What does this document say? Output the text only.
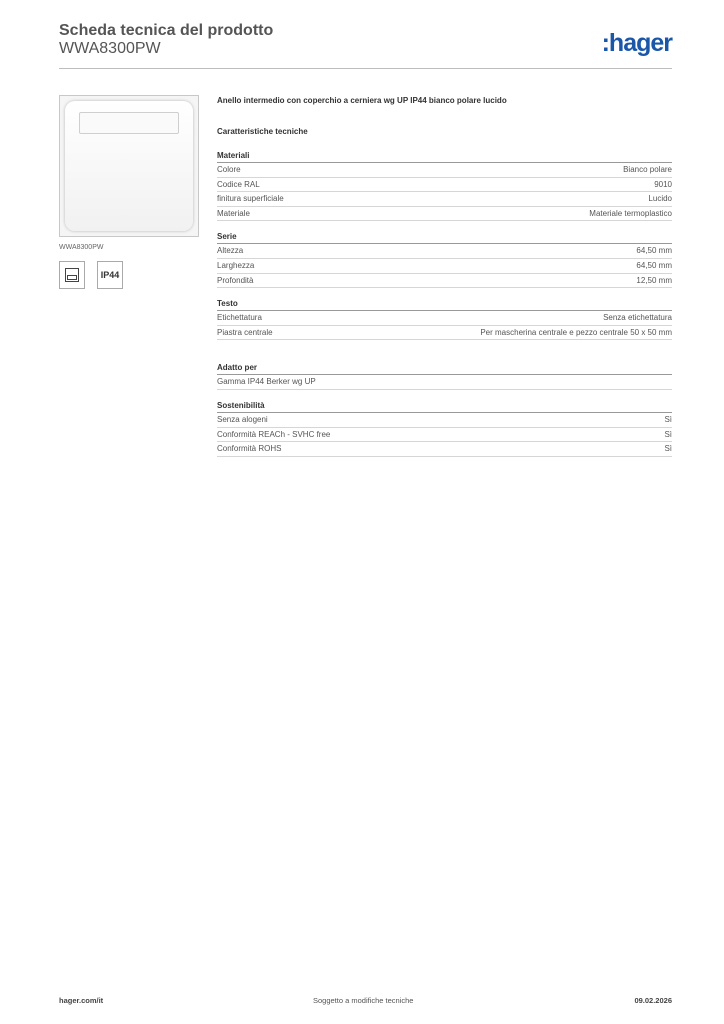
Scheda tecnica del prodotto
WWA8300PW	:hager
WWA8300PW
IP44

Anello intermedio con coperchio a cerniera wg UP IP44 bianco polare lucido

Caratteristiche tecniche

Materiali
Colore	Bianco polare
Codice RAL	9010
finitura superficiale	Lucido
Materiale	Materiale termoplastico
Serie
Altezza	64,50 mm
Larghezza	64,50 mm
Profondità	12,50 mm
Testo
Etichettatura	Senza etichettatura
Piastra centrale	Per mascherina centrale e pezzo centrale 50 x 50 mm
Adatto per
Gamma IP44 Berker wg UP
Sostenibilità
Senza alogeni	Sì
Conformità REACh - SVHC free	Sì
Conformità ROHS	Sì
hager.com/it	Soggetto a modifiche tecniche	09.02.2026
